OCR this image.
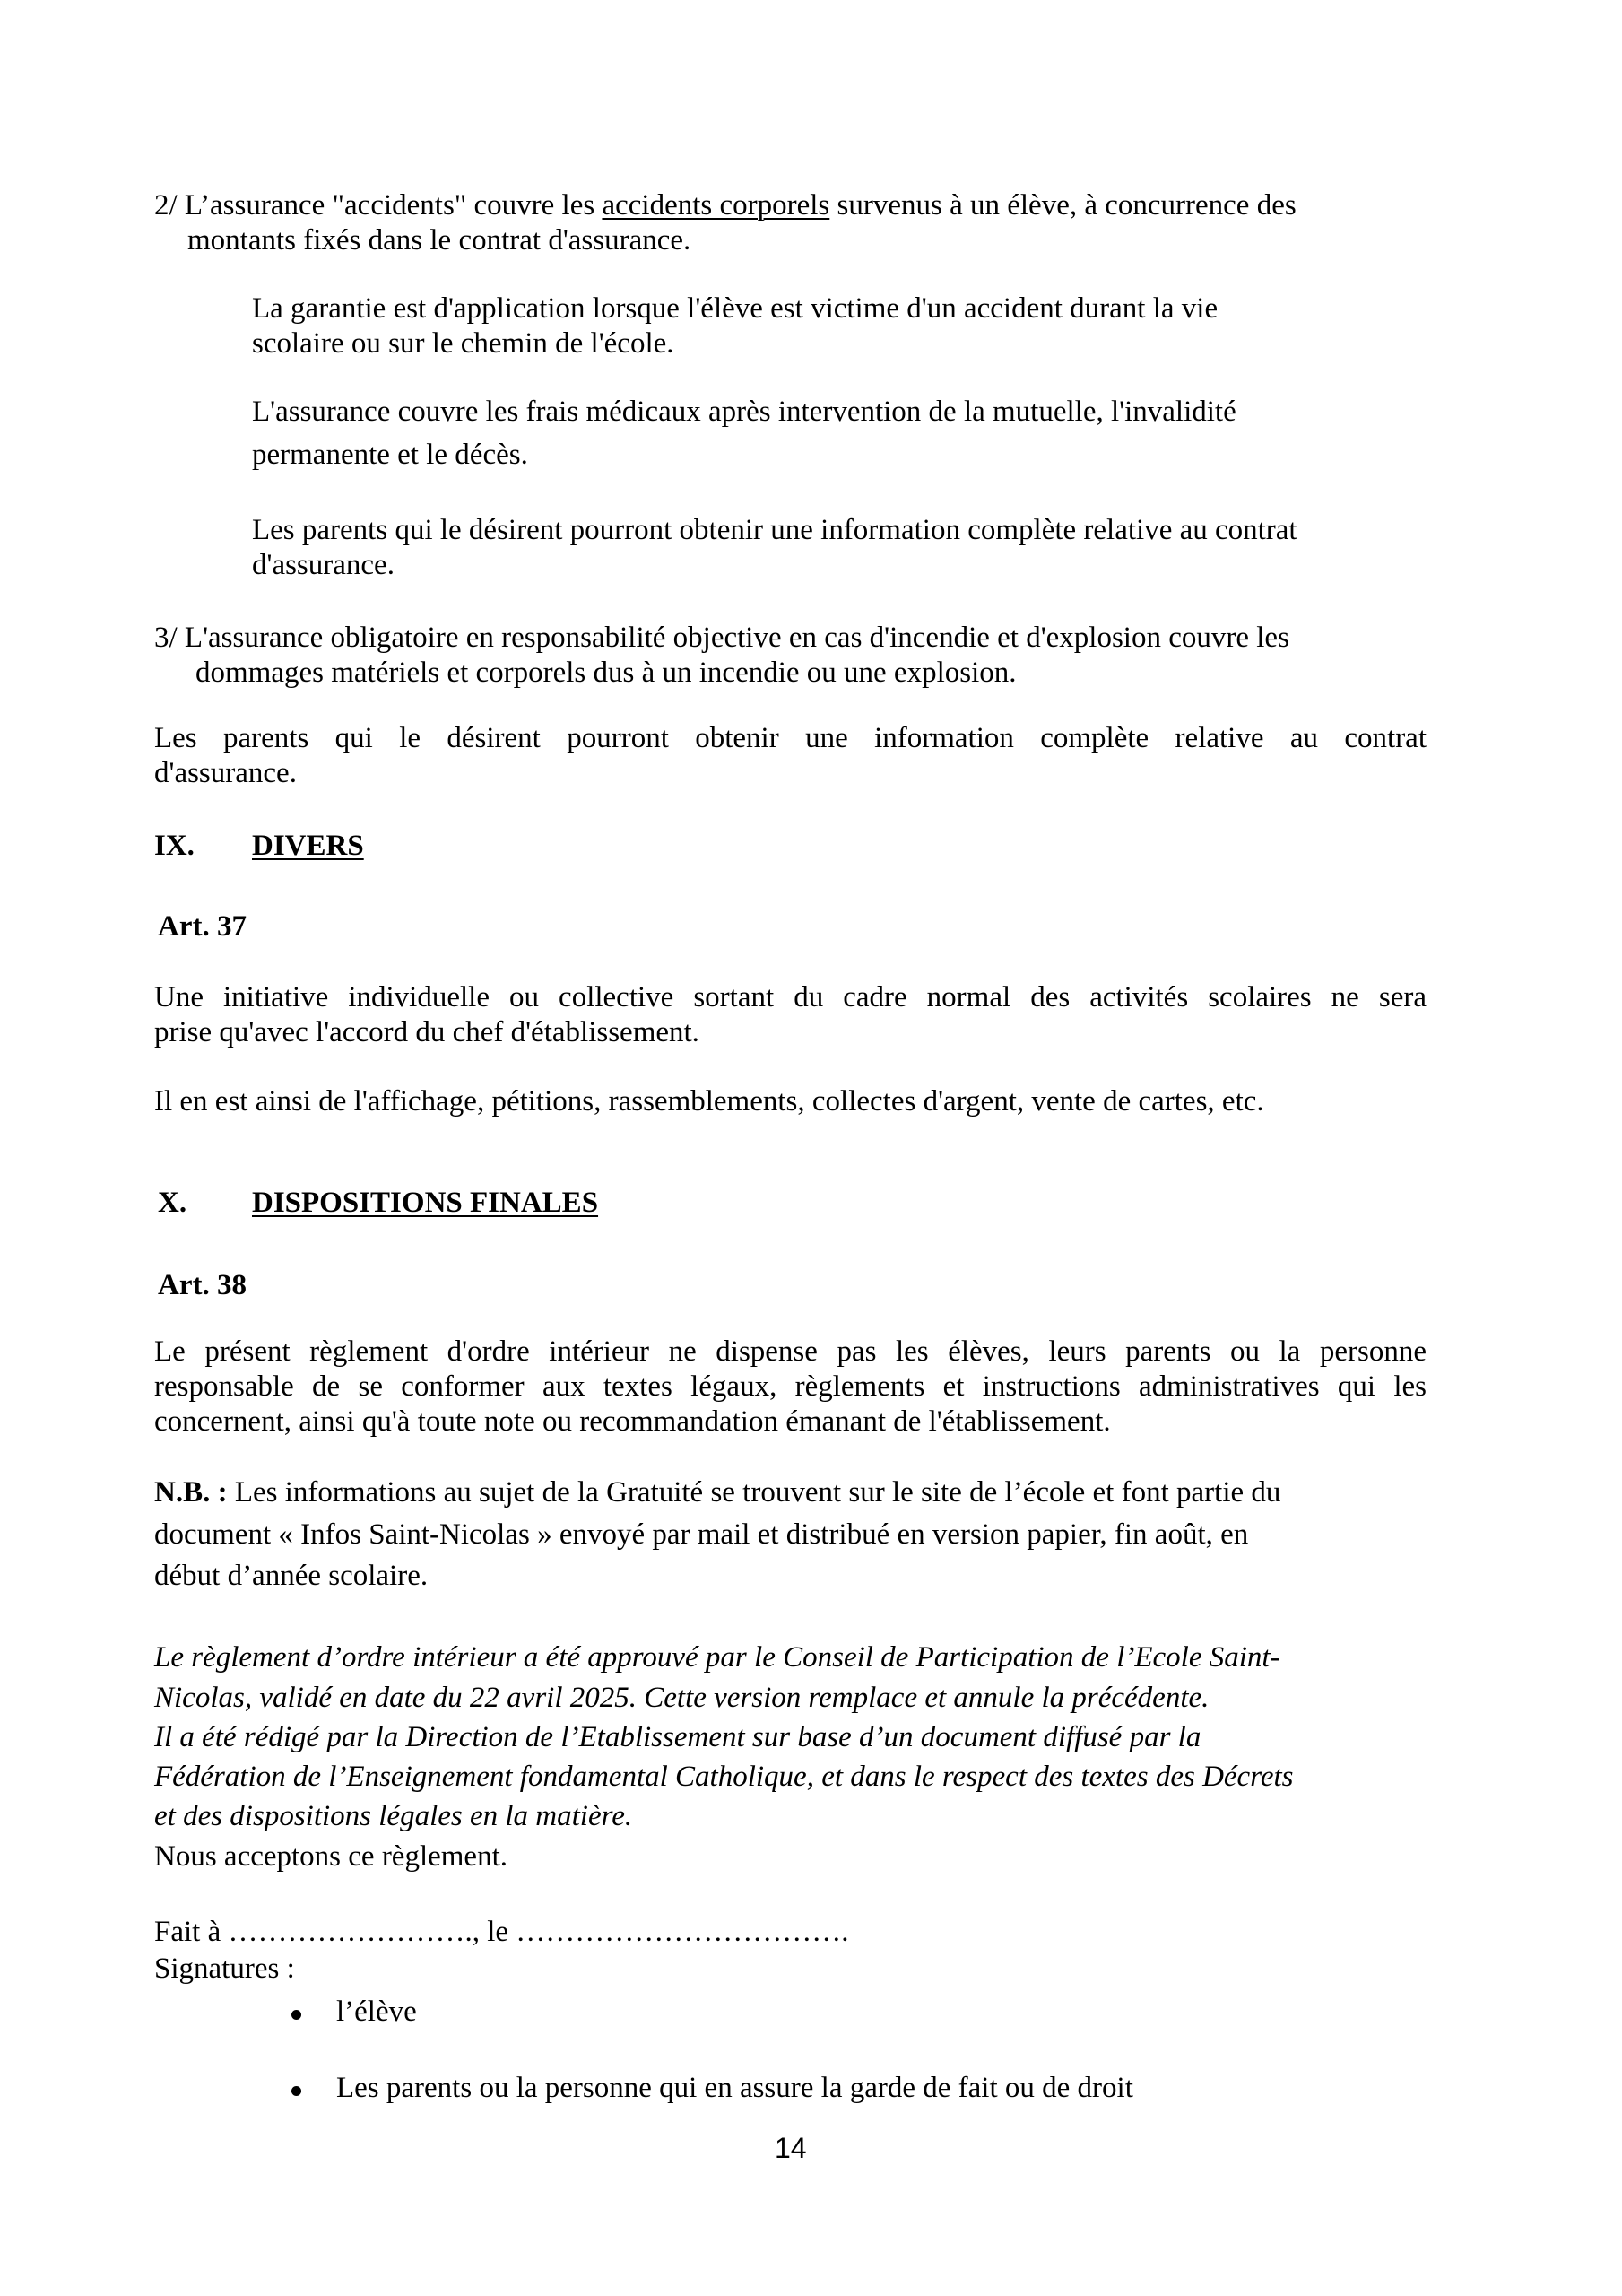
2/ L’assurance "accidents" couvre les accidents corporels survenus à un élève, à concurrence des
montants fixés dans le contrat d'assurance.
La garantie est d'application lorsque l'élève est victime d'un accident durant la vie
scolaire ou sur le chemin de l'école.
L'assurance couvre les frais médicaux après intervention de la mutuelle, l'invalidité
permanente et le décès.
Les parents qui le désirent pourront obtenir une information complète relative au contrat
d'assurance.
3/ L'assurance obligatoire en responsabilité objective en cas d'incendie et d'explosion couvre les
dommages matériels et corporels dus à un incendie ou une explosion.
Les parents qui le désirent pourront obtenir une information complète relative au contrat
d'assurance.
IX. DIVERS
Art. 37
Une initiative individuelle ou collective sortant du cadre normal des activités scolaires ne sera
prise qu'avec l'accord du chef d'établissement.
Il en est ainsi de l'affichage, pétitions, rassemblements, collectes d'argent, vente de cartes, etc.
X. DISPOSITIONS FINALES
Art. 38
Le présent règlement d'ordre intérieur ne dispense pas les élèves, leurs parents ou la personne
responsable de se conformer aux textes légaux, règlements et instructions administratives qui les
concernent, ainsi qu'à toute note ou recommandation émanant de l'établissement.
N.B. : Les informations au sujet de la Gratuité se trouvent sur le site de l’école et font partie du
document « Infos Saint-Nicolas » envoyé par mail et distribué en version papier, fin août, en
début d’année scolaire.
Le règlement d’ordre intérieur a été approuvé par le Conseil de Participation de l’Ecole Saint-
Nicolas, validé en date du 22 avril 2025. Cette version remplace et annule la précédente.
Il a été rédigé par la Direction de l’Etablissement sur base d’un document diffusé par la
Fédération de l’Enseignement fondamental Catholique, et dans le respect des textes des Décrets
et des dispositions légales en la matière.
Nous acceptons ce règlement.
Fait à ……………………., le …………………………….
Signatures :
l’élève
Les parents ou la personne qui en assure la garde de fait ou de droit
14
